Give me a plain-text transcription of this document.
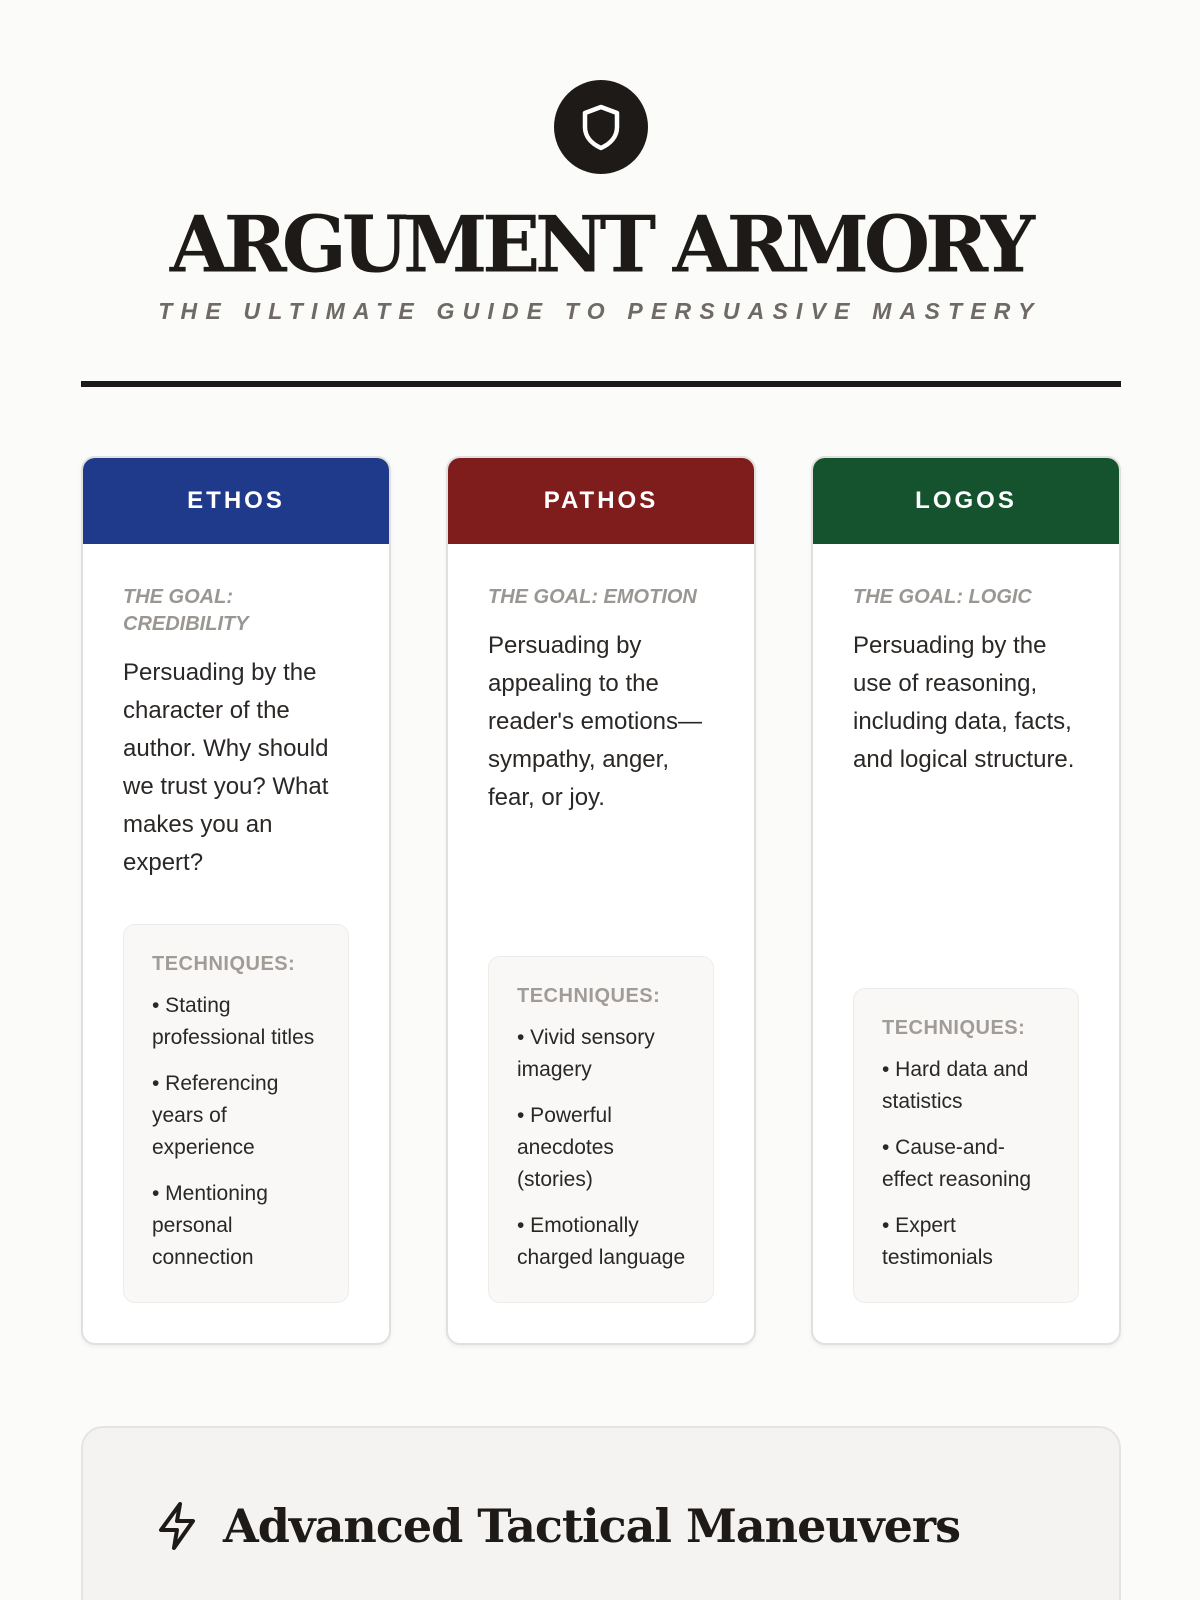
ARGUMENT ARMORY
THE ULTIMATE GUIDE TO PERSUASIVE MASTERY
ETHOS
THE GOAL: CREDIBILITY
Persuading by the character of the author. Why should we trust you? What makes you an expert?
TECHNIQUES:
• Stating professional titles
• Referencing years of experience
• Mentioning personal connection
PATHOS
THE GOAL: EMOTION
Persuading by appealing to the reader's emotions—sympathy, anger, fear, or joy.
TECHNIQUES:
• Vivid sensory imagery
• Powerful anecdotes (stories)
• Emotionally charged language
LOGOS
THE GOAL: LOGIC
Persuading by the use of reasoning, including data, facts, and logical structure.
TECHNIQUES:
• Hard data and statistics
• Cause-and-effect reasoning
• Expert testimonials
Advanced Tactical Maneuvers
